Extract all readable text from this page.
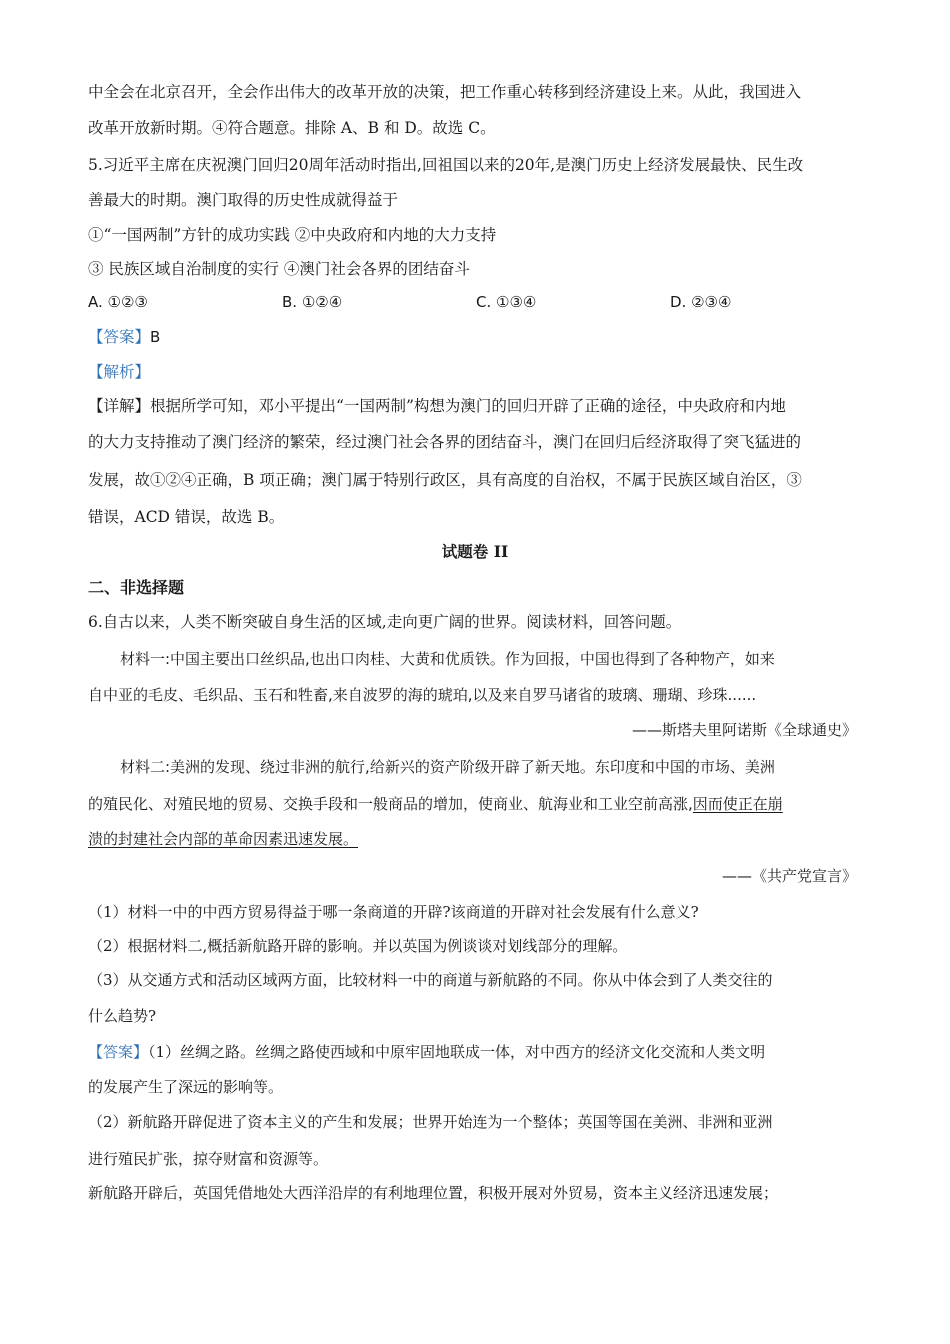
中全会在北京召开，全会作出伟大的改革开放的决策，把工作重心转移到经济建设上来。从此，我国进入
改革开放新时期。④符合题意。排除 A、B 和 D。故选 C。
5.习近平主席在庆祝澳门回归20周年活动时指出,回祖国以来的20年,是澳门历史上经济发展最快、民生改
善最大的时期。澳门取得的历史性成就得益于
①“一国两制”方针的成功实践 ②中央政府和内地的大力支持
③ 民族区域自治制度的实行 ④澳门社会各界的团结奋斗
A. ①②③	B. ①②④	C. ①③④	D. ②③④
【答案】B
【解析】
【详解】根据所学可知，邓小平提出“一国两制”构想为澳门的回归开辟了正确的途径，中央政府和内地
的大力支持推动了澳门经济的繁荣，经过澳门社会各界的团结奋斗，澳门在回归后经济取得了突飞猛进的
发展，故①②④正确，B 项正确；澳门属于特别行政区，具有高度的自治权，不属于民族区域自治区，③
错误，ACD 错误，故选 B。
试题卷 II
二、非选择题
6.自古以来，人类不断突破自身生活的区域,走向更广阔的世界。阅读材料，回答问题。
材料一:中国主要出口丝织品,也出口肉桂、大黄和优质铁。作为回报，中国也得到了各种物产，如来
自中亚的毛皮、毛织品、玉石和牲畜,来自波罗的海的琥珀,以及来自罗马诸省的玻璃、珊瑚、珍珠......
——斯塔夫里阿诺斯《全球通史》
材料二:美洲的发现、绕过非洲的航行,给新兴的资产阶级开辟了新天地。东印度和中国的市场、美洲
的殖民化、对殖民地的贸易、交换手段和一般商品的增加，使商业、航海业和工业空前高涨,因而使正在崩
溃的封建社会内部的革命因素迅速发展。
——《共产党宣言》
（1）材料一中的中西方贸易得益于哪一条商道的开辟?该商道的开辟对社会发展有什么意义?
（2）根据材料二,概括新航路开辟的影响。并以英国为例谈谈对划线部分的理解。
（3）从交通方式和活动区域两方面，比较材料一中的商道与新航路的不同。你从中体会到了人类交往的
什么趋势?
【答案】（1）丝绸之路。丝绸之路使西域和中原牢固地联成一体，对中西方的经济文化交流和人类文明
的发展产生了深远的影响等。
（2）新航路开辟促进了资本主义的产生和发展；世界开始连为一个整体；英国等国在美洲、非洲和亚洲
进行殖民扩张，掠夺财富和资源等。
新航路开辟后，英国凭借地处大西洋沿岸的有利地理位置，积极开展对外贸易，资本主义经济迅速发展；
